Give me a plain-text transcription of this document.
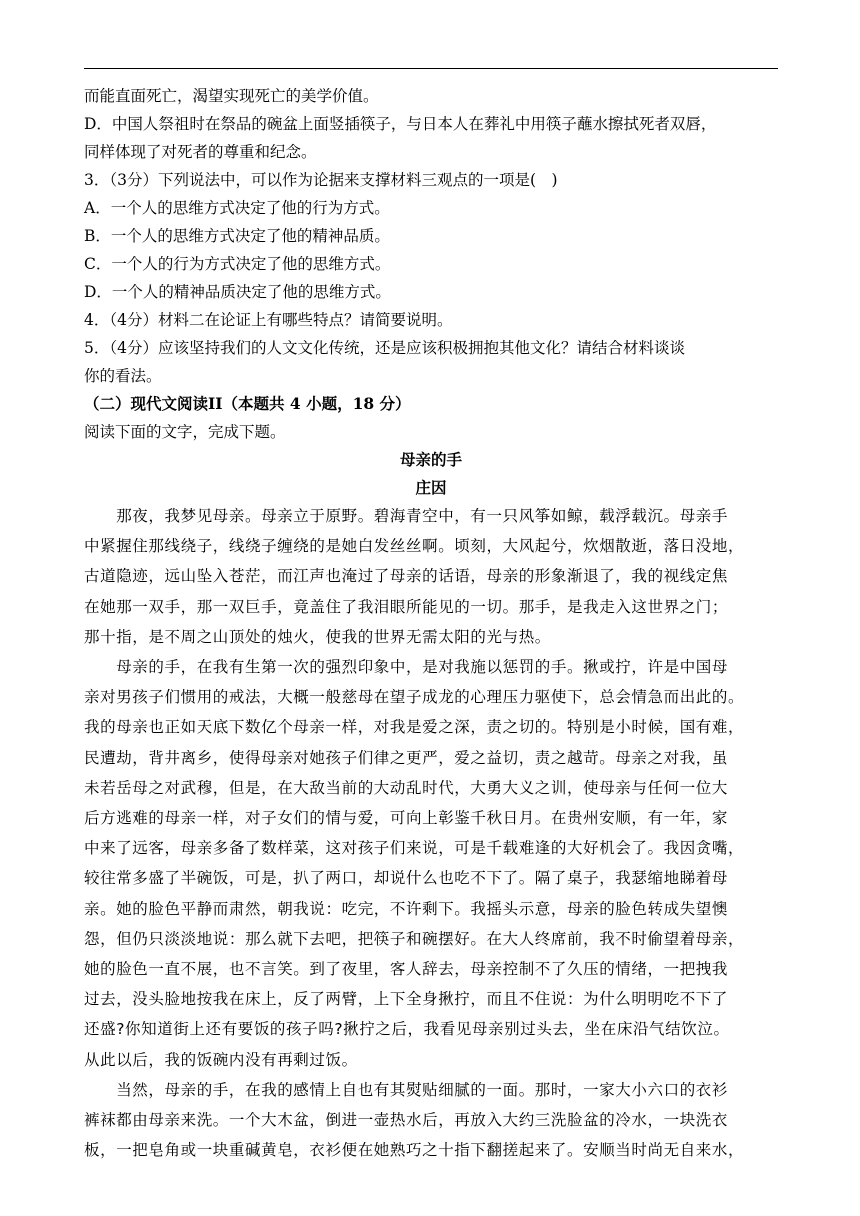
而能直面死亡，渴望实现死亡的美学价值。
D．中国人祭祖时在祭品的碗盆上面竖插筷子，与日本人在葬礼中用筷子蘸水擦拭死者双唇，
同样体现了对死者的尊重和纪念。
3．（3分）下列说法中，可以作为论据来支撑材料三观点的一项是(　)
A．一个人的思维方式决定了他的行为方式。
B．一个人的思维方式决定了他的精神品质。
C．一个人的行为方式决定了他的思维方式。
D．一个人的精神品质决定了他的思维方式。
4．（4分）材料二在论证上有哪些特点？请简要说明。
5．（4分）应该坚持我们的人文文化传统，还是应该积极拥抱其他文化？请结合材料谈谈
你的看法。
（二）现代文阅读II（本题共 4 小题，18 分）
阅读下面的文字，完成下题。
母亲的手
庄因
　　那夜，我梦见母亲。母亲立于原野。碧海青空中，有一只风筝如鲸，载浮载沉。母亲手
中紧握住那线绕子，线绕子缠绕的是她白发丝丝啊。顷刻，大风起兮，炊烟散逝，落日没地，
古道隐迹，远山坠入苍茫，而江声也淹过了母亲的话语，母亲的形象渐退了，我的视线定焦
在她那一双手，那一双巨手，竟盖住了我泪眼所能见的一切。那手，是我走入这世界之门；
那十指，是不周之山顶处的烛火，使我的世界无需太阳的光与热。
　　母亲的手，在我有生第一次的强烈印象中，是对我施以惩罚的手。揪或拧，许是中国母
亲对男孩子们惯用的戒法，大概一般慈母在望子成龙的心理压力驱使下，总会情急而出此的。
我的母亲也正如天底下数亿个母亲一样，对我是爱之深，责之切的。特别是小时候，国有难，
民遭劫，背井离乡，使得母亲对她孩子们律之更严，爱之益切，责之越苛。母亲之对我，虽
未若岳母之对武穆，但是，在大敌当前的大动乱时代，大勇大义之训，使母亲与任何一位大
后方逃难的母亲一样，对子女们的情与爱，可向上彰鉴千秋日月。在贵州安顺，有一年，家
中来了远客，母亲多备了数样菜，这对孩子们来说，可是千载难逢的大好机会了。我因贪嘴，
较往常多盛了半碗饭，可是，扒了两口，却说什么也吃不下了。隔了桌子，我瑟缩地睇着母
亲。她的脸色平静而肃然，朝我说：吃完，不许剩下。我摇头示意，母亲的脸色转成失望懊
怨，但仍只淡淡地说：那么就下去吧，把筷子和碗摆好。在大人终席前，我不时偷望着母亲，
她的脸色一直不展，也不言笑。到了夜里，客人辞去，母亲控制不了久压的情绪，一把拽我
过去，没头脸地按我在床上，反了两臂，上下全身揪拧，而且不住说：为什么明明吃不下了
还盛?你知道街上还有要饭的孩子吗?揪拧之后，我看见母亲别过头去，坐在床沿气结饮泣。
从此以后，我的饭碗内没有再剩过饭。
　　当然，母亲的手，在我的感情上自也有其熨贴细腻的一面。那时，一家大小六口的衣衫
裤袜都由母亲来洗。一个大木盆，倒进一壶热水后，再放入大约三洗脸盆的冷水，一块洗衣
板，一把皂角或一块重碱黄皂，衣衫便在她熟巧之十指下翻搓起来了。安顺当时尚无自来水，
